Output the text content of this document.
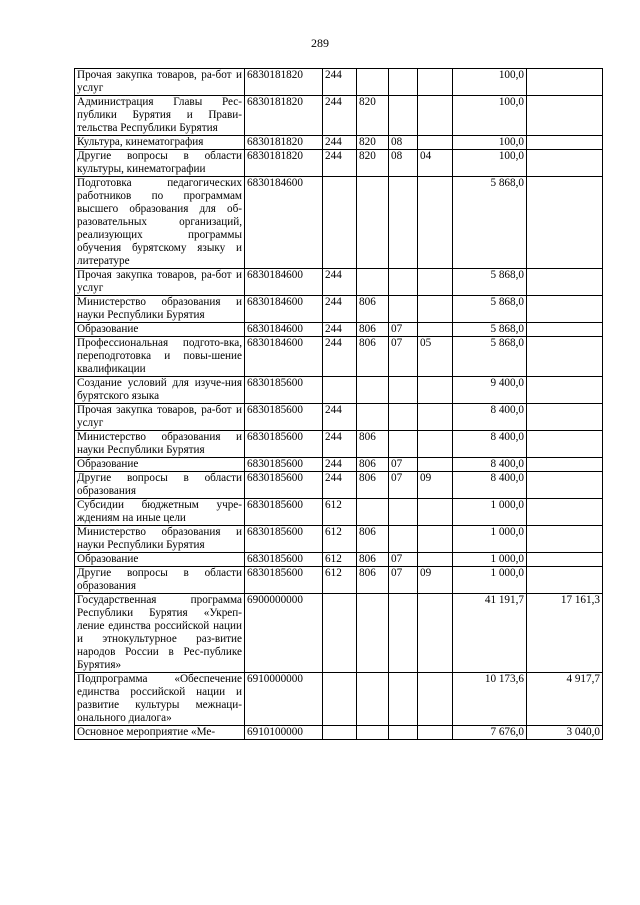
289
Прочая закупка товаров, ра-бот и услуг	6830181820	244				100,0	
Администрация Главы Рес-публики Бурятия и Прави-тельства Республики Бурятия	6830181820	244	820			100,0	
Культура, кинематография	6830181820	244	820	08		100,0	
Другие вопросы в области культуры, кинематографии	6830181820	244	820	08	04	100,0	
Подготовка педагогических работников по программам высшего образования для об-разовательных организаций, реализующих программы обучения бурятскому языку и литературе	6830184600					5 868,0	
Прочая закупка товаров, ра-бот и услуг	6830184600	244				5 868,0	
Министерство образования и науки Республики Бурятия	6830184600	244	806			5 868,0	
Образование	6830184600	244	806	07		5 868,0	
Профессиональная подгото-вка, переподготовка и повы-шение квалификации	6830184600	244	806	07	05	5 868,0	
Создание условий для изуче-ния бурятского языка	6830185600					9 400,0	
Прочая закупка товаров, ра-бот и услуг	6830185600	244				8 400,0	
Министерство образования и науки Республики Бурятия	6830185600	244	806			8 400,0	
Образование	6830185600	244	806	07		8 400,0	
Другие вопросы в области образования	6830185600	244	806	07	09	8 400,0	
Субсидии бюджетным учре-ждениям на иные цели	6830185600	612				1 000,0	
Министерство образования и науки Республики Бурятия	6830185600	612	806			1 000,0	
Образование	6830185600	612	806	07		1 000,0	
Другие вопросы в области образования	6830185600	612	806	07	09	1 000,0	
Государственная программа Республики Бурятия «Укреп-ление единства российской нации и этнокультурное раз-витие народов России в Рес-публике Бурятия»	6900000000					41 191,7	17 161,3
Подпрограмма «Обеспечение единства российской нации и развитие культуры межнаци-онального диалога»	6910000000					10 173,6	4 917,7
Основное мероприятие «Ме-	6910100000					7 676,0	3 040,0
